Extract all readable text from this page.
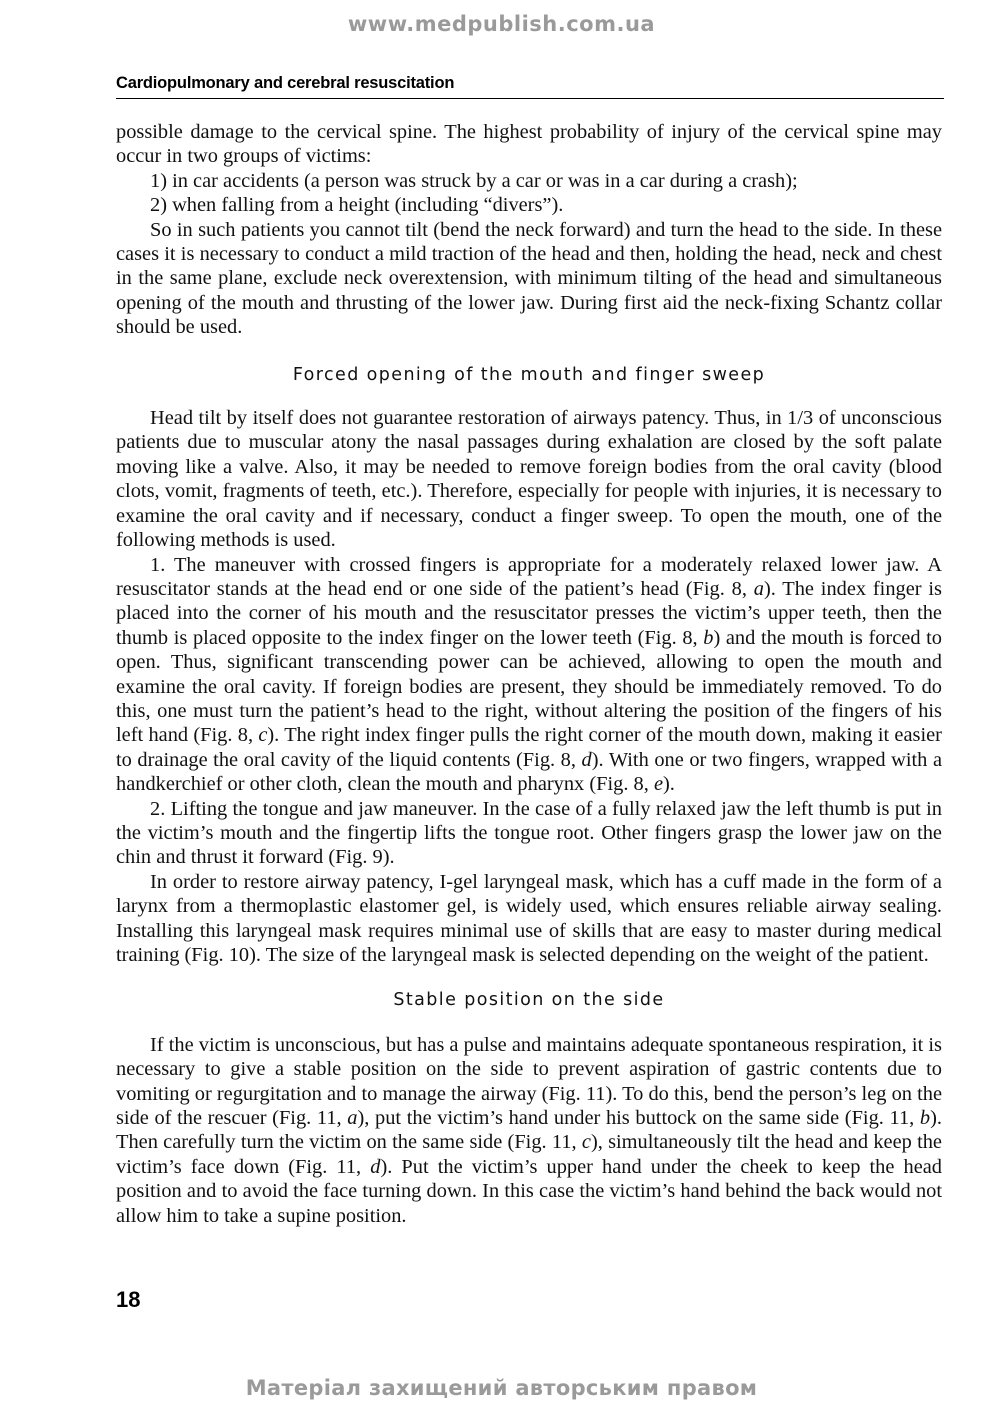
www.medpublish.com.ua
Cardiopulmonary and cerebral resuscitation

possible damage to the cervical spine. The highest probability of injury of the cervical spine may occur in two groups of victims:

1) in car accidents (a person was struck by a car or was in a car during a crash);

2) when falling from a height (including “divers”).

So in such patients you cannot tilt (bend the neck forward) and turn the head to the side. In these cases it is necessary to conduct a mild traction of the head and then, holding the head, neck and chest in the same plane, exclude neck overextension, with minimum tilting of the head and simultaneous opening of the mouth and thrusting of the lower jaw. During first aid the neck-fixing Schantz collar should be used.

Forced opening of the mouth and finger sweep

Head tilt by itself does not guarantee restoration of airways patency. Thus, in 1/3 of unconscious patients due to muscular atony the nasal passages during exhalation are closed by the soft palate moving like a valve. Also, it may be needed to remove foreign bodies from the oral cavity (blood clots, vomit, fragments of teeth, etc.). Therefore, especially for people with injuries, it is necessary to examine the oral cavity and if necessary, conduct a finger sweep. To open the mouth, one of the following methods is used.

1. The maneuver with crossed fingers is appropriate for a moderately relaxed lower jaw. A resuscitator stands at the head end or one side of the patient’s head (Fig. 8, a). The index finger is placed into the corner of his mouth and the resuscitator presses the victim’s upper teeth, then the thumb is placed opposite to the index finger on the lower teeth (Fig. 8, b) and the mouth is forced to open. Thus, significant transcending power can be achieved, allowing to open the mouth and examine the oral cavity. If foreign bodies are present, they should be immediately removed. To do this, one must turn the patient’s head to the right, without altering the position of the fingers of his left hand (Fig. 8, c). The right index finger pulls the right corner of the mouth down, making it easier to drainage the oral cavity of the liquid contents (Fig. 8, d). With one or two fingers, wrapped with a handkerchief or other cloth, clean the mouth and pharynx (Fig. 8, e).

2. Lifting the tongue and jaw maneuver. In the case of a fully relaxed jaw the left thumb is put in the victim’s mouth and the fingertip lifts the tongue root. Other fingers grasp the lower jaw on the chin and thrust it forward (Fig. 9).

In order to restore airway patency, I-gel laryngeal mask, which has a cuff made in the form of a larynx from a thermoplastic elastomer gel, is widely used, which ensures reliable airway sealing. Installing this laryngeal mask requires minimal use of skills that are easy to master during medical training (Fig. 10). The size of the laryngeal mask is selected depending on the weight of the patient.

Stable position on the side

If the victim is unconscious, but has a pulse and maintains adequate spontaneous respiration, it is necessary to give a stable position on the side to prevent aspiration of gastric contents due to vomiting or regurgitation and to manage the airway (Fig. 11). To do this, bend the person’s leg on the side of the rescuer (Fig. 11, a), put the victim’s hand under his buttock on the same side (Fig. 11, b). Then carefully turn the victim on the same side (Fig. 11, c), simultaneously tilt the head and keep the victim’s face down (Fig. 11, d). Put the victim’s upper hand under the cheek to keep the head position and to avoid the face turning down. In this case the victim’s hand behind the back would not allow him to take a supine position.

18
Матеріал захищений авторським правом
